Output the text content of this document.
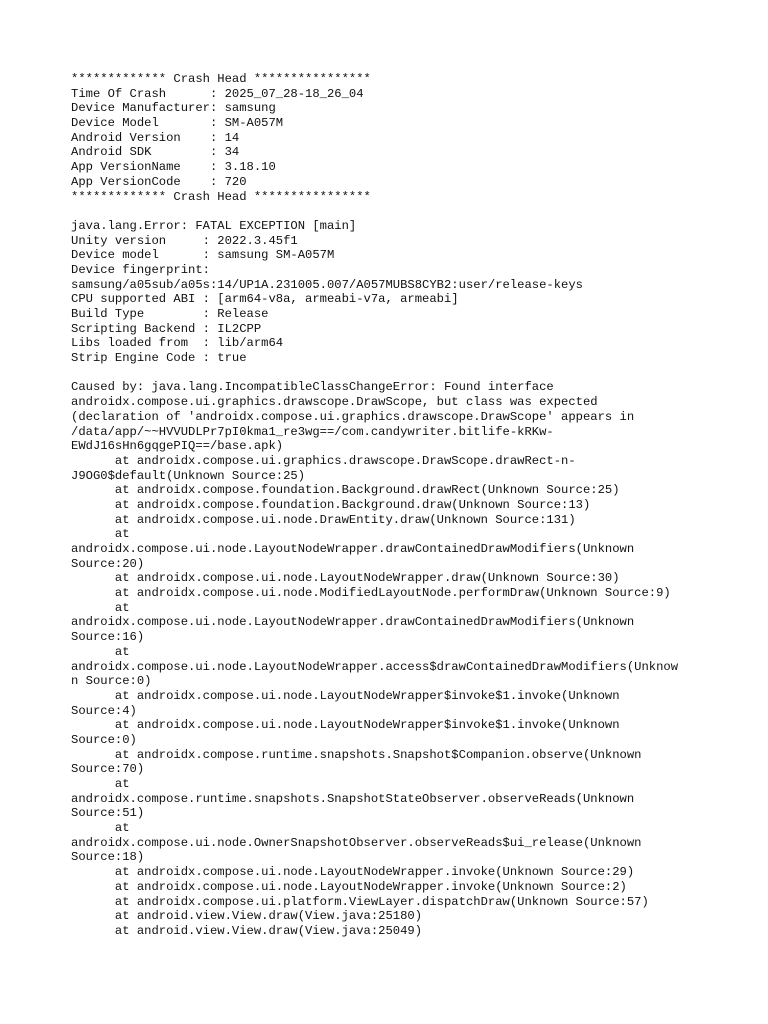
************* Crash Head ****************
Time Of Crash      : 2025_07_28-18_26_04
Device Manufacturer: samsung
Device Model       : SM-A057M
Android Version    : 14
Android SDK        : 34
App VersionName    : 3.18.10
App VersionCode    : 720
************* Crash Head ****************
java.lang.Error: FATAL EXCEPTION [main]
Unity version     : 2022.3.45f1
Device model      : samsung SM-A057M
Device fingerprint:
samsung/a05sub/a05s:14/UP1A.231005.007/A057MUBS8CYB2:user/release-keys
CPU supported ABI : [arm64-v8a, armeabi-v7a, armeabi]
Build Type        : Release
Scripting Backend : IL2CPP
Libs loaded from  : lib/arm64
Strip Engine Code : true
Caused by: java.lang.IncompatibleClassChangeError: Found interface
androidx.compose.ui.graphics.drawscope.DrawScope, but class was expected
(declaration of 'androidx.compose.ui.graphics.drawscope.DrawScope' appears in
/data/app/~~HVVUDLPr7pI0kma1_re3wg==/com.candywriter.bitlife-kRKw-
EWdJ16sHn6gqgePIQ==/base.apk)
at androidx.compose.ui.graphics.drawscope.DrawScope.drawRect-n-
J9OG0$default(Unknown Source:25)
at androidx.compose.foundation.Background.drawRect(Unknown Source:25)
at androidx.compose.foundation.Background.draw(Unknown Source:13)
at androidx.compose.ui.node.DrawEntity.draw(Unknown Source:131)
at
androidx.compose.ui.node.LayoutNodeWrapper.drawContainedDrawModifiers(Unknown
Source:20)
at androidx.compose.ui.node.LayoutNodeWrapper.draw(Unknown Source:30)
at androidx.compose.ui.node.ModifiedLayoutNode.performDraw(Unknown Source:9)
at
androidx.compose.ui.node.LayoutNodeWrapper.drawContainedDrawModifiers(Unknown
Source:16)
at
androidx.compose.ui.node.LayoutNodeWrapper.access$drawContainedDrawModifiers(Unknow
n Source:0)
at androidx.compose.ui.node.LayoutNodeWrapper$invoke$1.invoke(Unknown
Source:4)
at androidx.compose.ui.node.LayoutNodeWrapper$invoke$1.invoke(Unknown
Source:0)
at androidx.compose.runtime.snapshots.Snapshot$Companion.observe(Unknown
Source:70)
at
androidx.compose.runtime.snapshots.SnapshotStateObserver.observeReads(Unknown
Source:51)
at
androidx.compose.ui.node.OwnerSnapshotObserver.observeReads$ui_release(Unknown
Source:18)
at androidx.compose.ui.node.LayoutNodeWrapper.invoke(Unknown Source:29)
at androidx.compose.ui.node.LayoutNodeWrapper.invoke(Unknown Source:2)
at androidx.compose.ui.platform.ViewLayer.dispatchDraw(Unknown Source:57)
at android.view.View.draw(View.java:25180)
at android.view.View.draw(View.java:25049)
